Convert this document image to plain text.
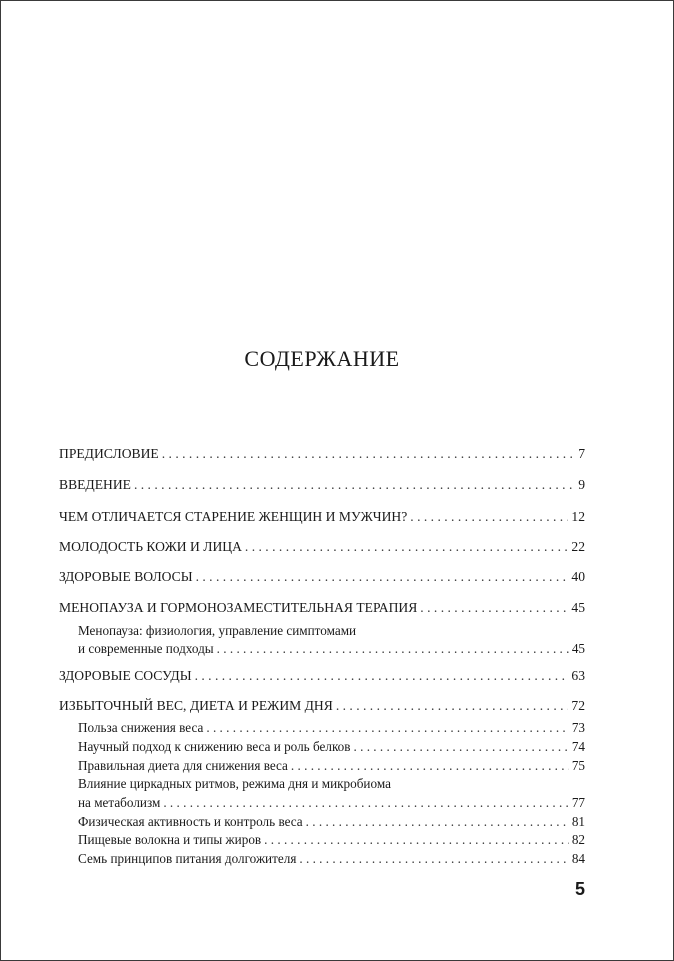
СОДЕРЖАНИЕ
ПРЕДИСЛОВИЕ . . .	7
ВВЕДЕНИЕ . . .	9
ЧЕМ ОТЛИЧАЕТСЯ СТАРЕНИЕ ЖЕНЩИН И МУЖЧИН? . . .	12
МОЛОДОСТЬ КОЖИ И ЛИЦА . . .	22
ЗДОРОВЫЕ ВОЛОСЫ . . .	40
МЕНОПАУЗА И ГОРМОНОЗАМЕСТИТЕЛЬНАЯ ТЕРАПИЯ . . .	45
Менопауза: физиология, управление симптомами
и современные подходы . . .	45
ЗДОРОВЫЕ СОСУДЫ . . .	63
ИЗБЫТОЧНЫЙ ВЕС, ДИЕТА И РЕЖИМ ДНЯ . . .	72
Польза снижения веса . . .	73
Научный подход к снижению веса и роль белков . . .	74
Правильная диета для снижения веса . . .	75
Влияние циркадных ритмов, режима дня и микробиома
на метаболизм . . .	77
Физическая активность и контроль веса . . .	81
Пищевые волокна и типы жиров . . .	82
Семь принципов питания долгожителя . . .	84
5
